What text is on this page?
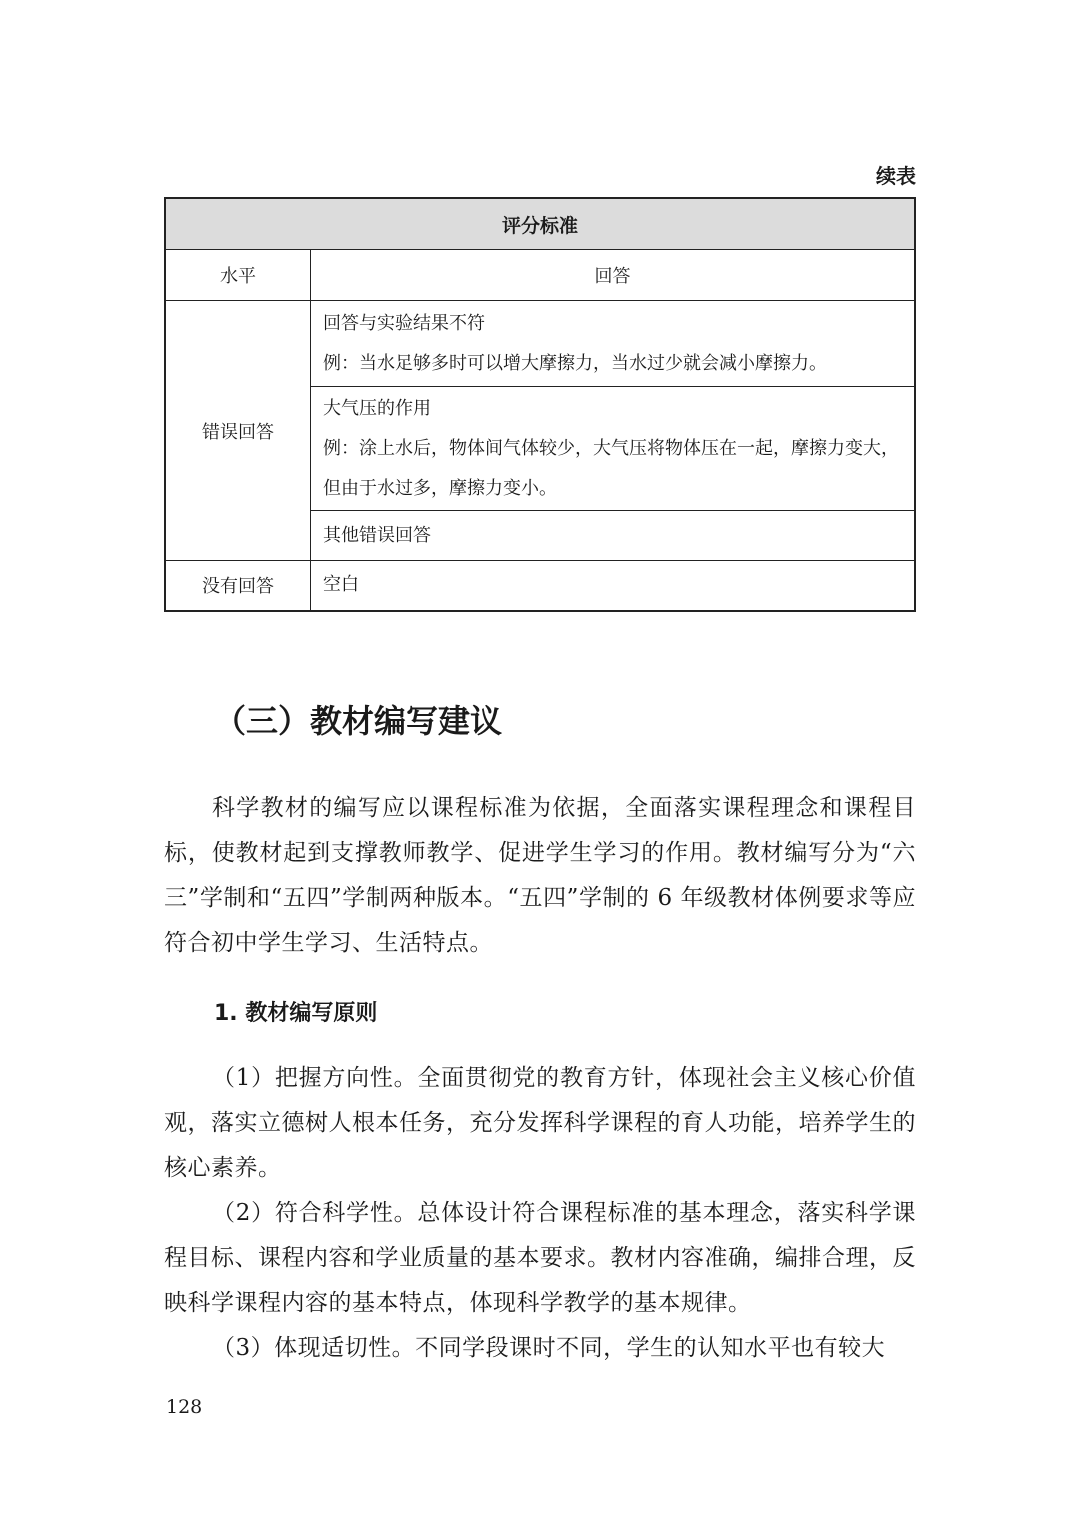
续表
评分标准	
水平	回答
错误回答	回答与实验结果不符

例：当水足够多时可以增大摩擦力，当水过少就会减小摩擦力。

	大气压的作用

例：涂上水后，物体间气体较少，大气压将物体压在一起，摩擦力变大，但由于水过多，摩擦力变小。

	其他错误回答

没有回答	空白

（三）教材编写建议

科学教材的编写应以课程标准为依据，全面落实课程理念和课程目标，使教材起到支撑教师教学、促进学生学习的作用。教材编写分为“六三”学制和“五四”学制两种版本。“五四”学制的 6 年级教材体例要求等应符合初中学生学习、生活特点。

1. 教材编写原则

（1）把握方向性。全面贯彻党的教育方针，体现社会主义核心价值观，落实立德树人根本任务，充分发挥科学课程的育人功能，培养学生的核心素养。

（2）符合科学性。总体设计符合课程标准的基本理念，落实科学课程目标、课程内容和学业质量的基本要求。教材内容准确，编排合理，反映科学课程内容的基本特点，体现科学教学的基本规律。

（3）体现适切性。不同学段课时不同，学生的认知水平也有较大

128
